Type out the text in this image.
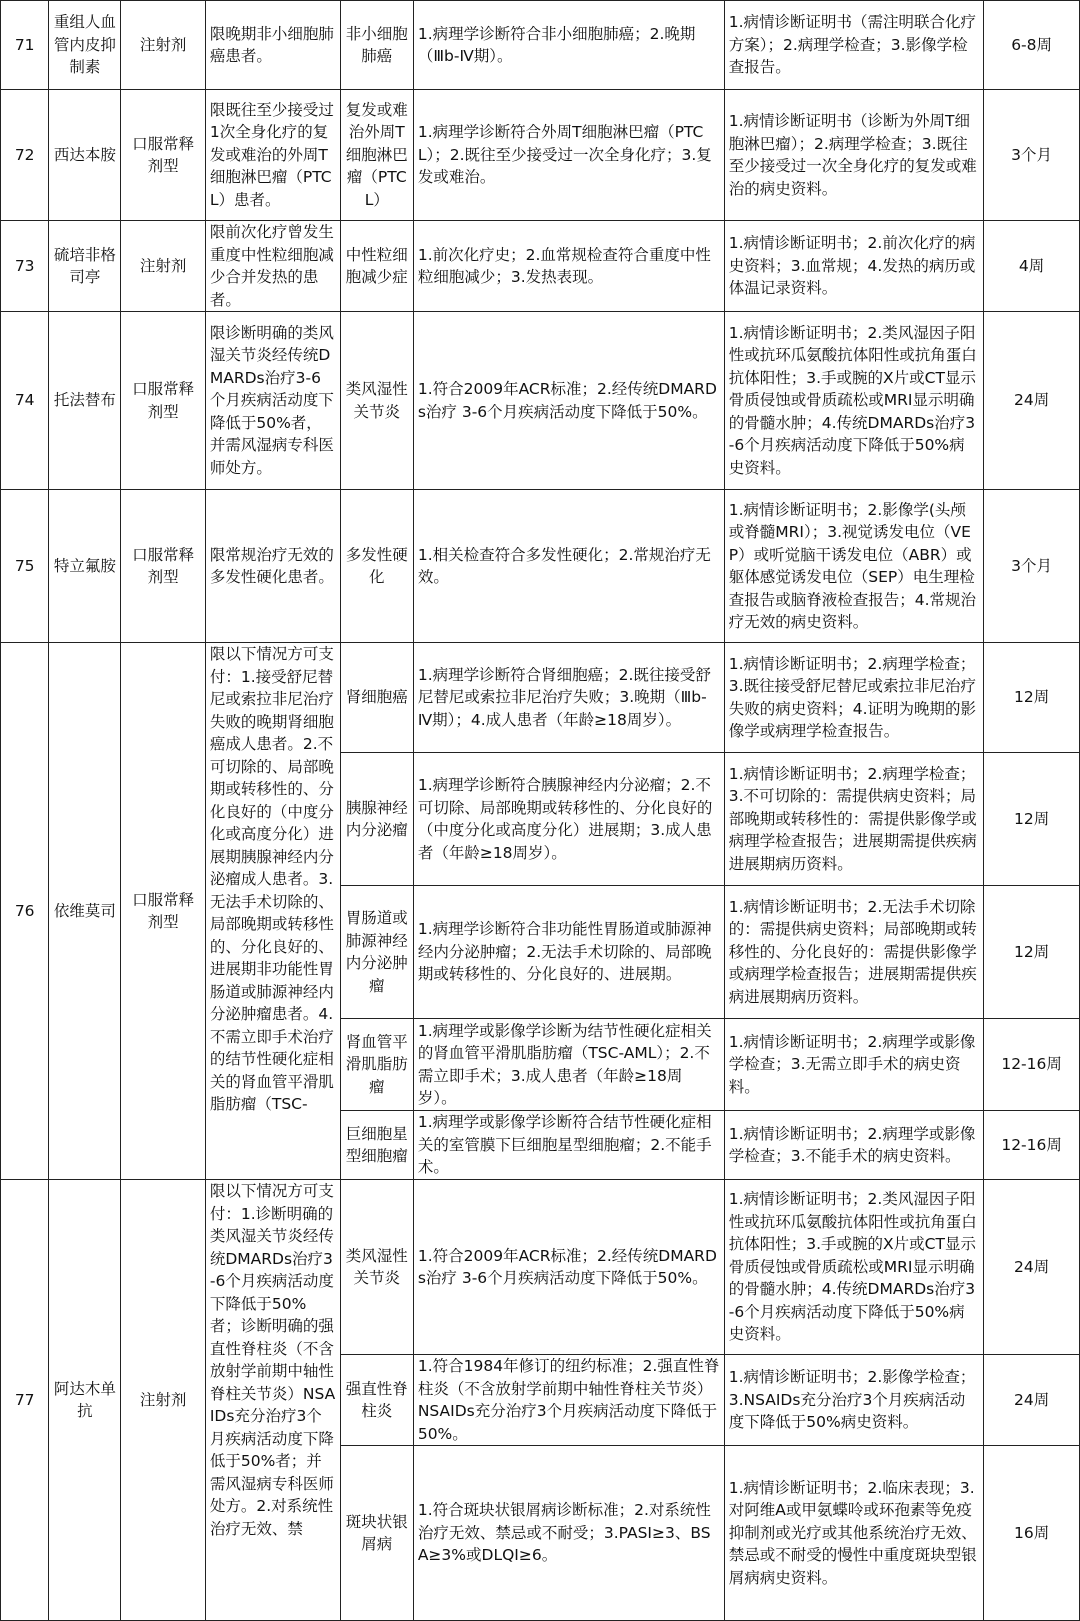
71	重组人血管内皮抑制素	注射剂	限晚期非小细胞肺癌患者。	非小细胞肺癌	1.病理学诊断符合非小细胞肺癌；2.晚期（Ⅲb-Ⅳ期）。	1.病情诊断证明书（需注明联合化疗方案）；2.病理学检查；3.影像学检查报告。	6-8周
72	西达本胺	口服常释剂型	限既往至少接受过1次全身化疗的复发或难治的外周T细胞淋巴瘤（PTCL）患者。	复发或难治外周T细胞淋巴瘤（PTCL）	1.病理学诊断符合外周T细胞淋巴瘤（PTCL）；2.既往至少接受过一次全身化疗；3.复发或难治。	1.病情诊断证明书（诊断为外周T细胞淋巴瘤）；2.病理学检查；3.既往至少接受过一次全身化疗的复发或难治的病史资料。	3个月
73	硫培非格司亭	注射剂	限前次化疗曾发生重度中性粒细胞减少合并发热的患者。	中性粒细胞减少症	1.前次化疗史；2.血常规检查符合重度中性粒细胞减少；3.发热表现。	1.病情诊断证明书；2.前次化疗的病史资料；3.血常规；4.发热的病历或体温记录资料。	4周
74	托法替布	口服常释剂型	限诊断明确的类风湿关节炎经传统DMARDs治疗3-6个月疾病活动度下降低于50%者，并需风湿病专科医师处方。	类风湿性关节炎	1.符合2009年ACR标准；2.经传统DMARDs治疗 3-6个月疾病活动度下降低于50%。	1.病情诊断证明书；2.类风湿因子阳性或抗环瓜氨酸抗体阳性或抗角蛋白抗体阳性；3.手或腕的X片或CT显示骨质侵蚀或骨质疏松或MRI显示明确的骨髓水肿；4.传统DMARDs治疗3-6个月疾病活动度下降低于50%病史资料。	24周
75	特立氟胺	口服常释剂型	限常规治疗无效的多发性硬化患者。	多发性硬化	1.相关检查符合多发性硬化；2.常规治疗无效。	1.病情诊断证明书；2.影像学(头颅或脊髓MRI）；3.视觉诱发电位（VEP）或听觉脑干诱发电位（ABR）或躯体感觉诱发电位（SEP）电生理检查报告或脑脊液检查报告；4.常规治疗无效的病史资料。	3个月
76	依维莫司	口服常释剂型	限以下情况方可支付：1.接受舒尼替尼或索拉非尼治疗失败的晚期肾细胞癌成人患者。2.不可切除的、局部晚期或转移性的、分化良好的（中度分化或高度分化）进展期胰腺神经内分泌瘤成人患者。3.无法手术切除的、局部晚期或转移性的、分化良好的、进展期非功能性胃肠道或肺源神经内分泌肿瘤患者。4.不需立即手术治疗的结节性硬化症相关的肾血管平滑肌脂肪瘤（TSC-	肾细胞癌	1.病理学诊断符合肾细胞癌；2.既往接受舒尼替尼或索拉非尼治疗失败；3.晚期（Ⅲb-Ⅳ期）；4.成人患者（年龄≥18周岁）。	1.病情诊断证明书；2.病理学检查；3.既往接受舒尼替尼或索拉非尼治疗失败的病史资料；4.证明为晚期的影像学或病理学检查报告。	12周
				胰腺神经内分泌瘤	1.病理学诊断符合胰腺神经内分泌瘤；2.不可切除、局部晚期或转移性的、分化良好的（中度分化或高度分化）进展期；3.成人患者（年龄≥18周岁）。	1.病情诊断证明书；2.病理学检查；3.不可切除的：需提供病史资料；局部晚期或转移性的：需提供影像学或病理学检查报告；进展期需提供疾病进展期病历资料。	12周
				胃肠道或肺源神经内分泌肿瘤	1.病理学诊断符合非功能性胃肠道或肺源神经内分泌肿瘤；2.无法手术切除的、局部晚期或转移性的、分化良好的、进展期。	1.病情诊断证明书；2.无法手术切除的：需提供病史资料；局部晚期或转移性的、分化良好的：需提供影像学或病理学检查报告；进展期需提供疾病进展期病历资料。	12周
				肾血管平滑肌脂肪瘤	1.病理学或影像学诊断为结节性硬化症相关的肾血管平滑肌脂肪瘤（TSC-AML）；2.不需立即手术；3.成人患者（年龄≥18周岁）。	1.病情诊断证明书；2.病理学或影像学检查；3.无需立即手术的病史资料。	12-16周
				巨细胞星型细胞瘤	1.病理学或影像学诊断符合结节性硬化症相关的室管膜下巨细胞星型细胞瘤；2.不能手术。	1.病情诊断证明书；2.病理学或影像学检查；3.不能手术的病史资料。	12-16周
77	阿达木单抗	注射剂	限以下情况方可支付：1.诊断明确的类风湿关节炎经传统DMARDs治疗3-6个月疾病活动度下降低于50%者；诊断明确的强直性脊柱炎（不含放射学前期中轴性脊柱关节炎）NSAIDs充分治疗3个月疾病活动度下降低于50%者；并需风湿病专科医师处方。2.对系统性治疗无效、禁	类风湿性关节炎	1.符合2009年ACR标准；2.经传统DMARDs治疗 3-6个月疾病活动度下降低于50%。	1.病情诊断证明书；2.类风湿因子阳性或抗环瓜氨酸抗体阳性或抗角蛋白抗体阳性；3.手或腕的X片或CT显示骨质侵蚀或骨质疏松或MRI显示明确的骨髓水肿；4.传统DMARDs治疗3-6个月疾病活动度下降低于50%病史资料。	24周
				强直性脊柱炎	1.符合1984年修订的纽约标准；2.强直性脊柱炎（不含放射学前期中轴性脊柱关节炎）NSAIDs充分治疗3个月疾病活动度下降低于50%。	1.病情诊断证明书；2.影像学检查；3.NSAIDs充分治疗3个月疾病活动度下降低于50%病史资料。	24周
				斑块状银屑病	1.符合斑块状银屑病诊断标准；2.对系统性治疗无效、禁忌或不耐受；3.PASI≥3、BSA≥3%或DLQI≥6。	1.病情诊断证明书；2.临床表现；3.对阿维A或甲氨蝶呤或环孢素等免疫抑制剂或光疗或其他系统治疗无效、禁忌或不耐受的慢性中重度斑块型银屑病病史资料。	16周
